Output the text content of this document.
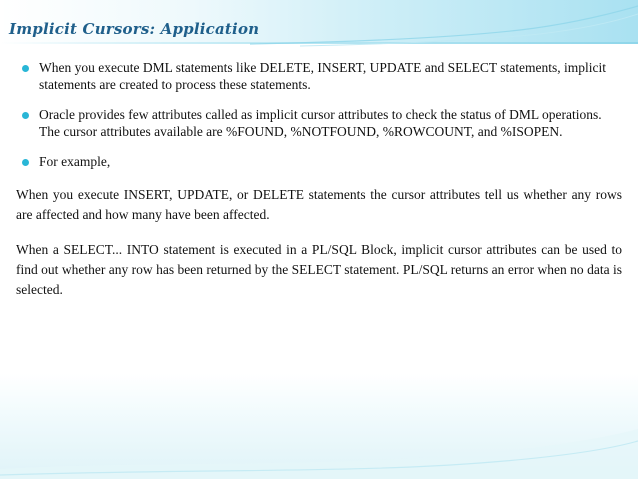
Implicit Cursors: Application
When you execute DML statements like DELETE, INSERT, UPDATE and SELECT statements, implicit statements are created to process these statements.
Oracle provides few attributes called as implicit cursor attributes to check the status of DML operations. The cursor attributes available are %FOUND, %NOTFOUND, %ROWCOUNT, and %ISOPEN.
For example,

When you execute INSERT, UPDATE, or DELETE statements the cursor attributes tell us whether any rows are affected and how many have been affected.

When a SELECT... INTO statement is executed in a PL/SQL Block, implicit cursor attributes can be used to find out whether any row has been returned by the SELECT statement. PL/SQL returns an error when no data is selected.
